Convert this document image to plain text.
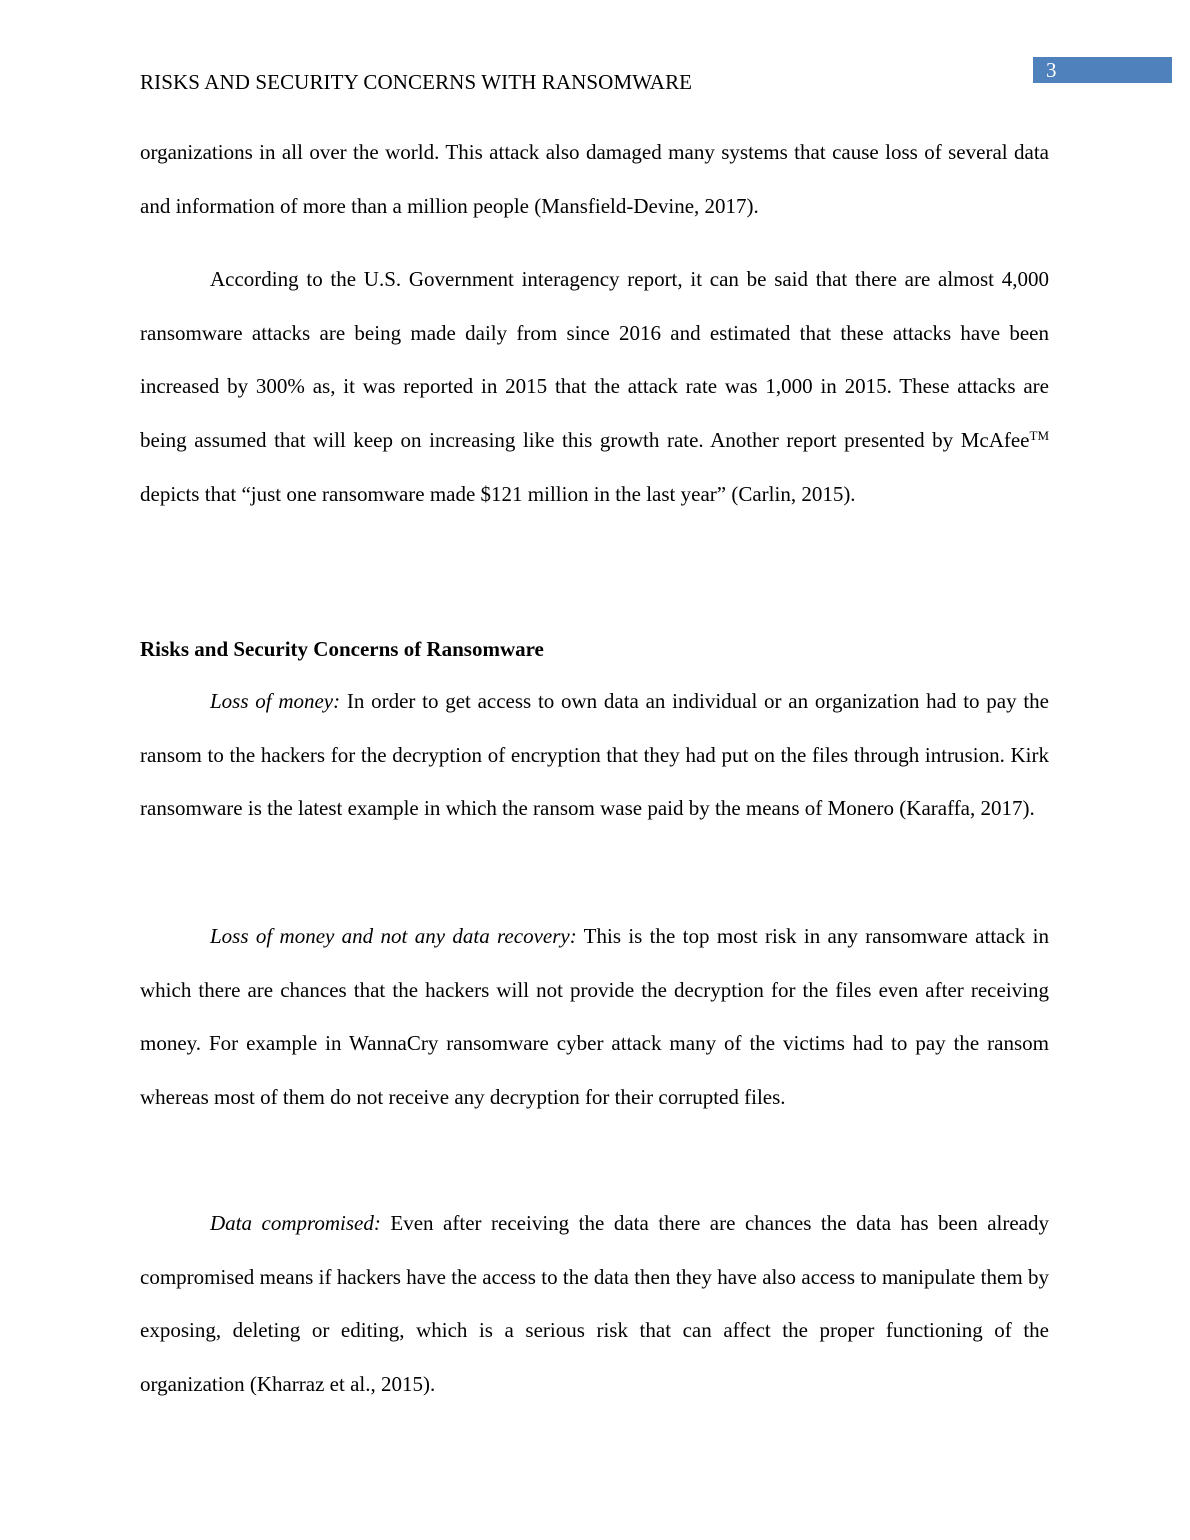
RISKS AND SECURITY CONCERNS WITH RANSOMWARE	3

organizations in all over the world. This attack also damaged many systems that cause loss of several data and information of more than a million people (Mansfield-Devine, 2017).

According to the U.S. Government interagency report, it can be said that there are almost 4,000 ransomware attacks are being made daily from since 2016 and estimated that these attacks have been increased by 300% as, it was reported in 2015 that the attack rate was 1,000 in 2015. These attacks are being assumed that will keep on increasing like this growth rate. Another report presented by McAfee™ depicts that “just one ransomware made $121 million in the last year” (Carlin, 2015).

Risks and Security Concerns of Ransomware

Loss of money: In order to get access to own data an individual or an organization had to pay the ransom to the hackers for the decryption of encryption that they had put on the files through intrusion. Kirk ransomware is the latest example in which the ransom wase paid by the means of Monero (Karaffa, 2017).

Loss of money and not any data recovery: This is the top most risk in any ransomware attack in which there are chances that the hackers will not provide the decryption for the files even after receiving money. For example in WannaCry ransomware cyber attack many of the victims had to pay the ransom whereas most of them do not receive any decryption for their corrupted files.

Data compromised: Even after receiving the data there are chances the data has been already compromised means if hackers have the access to the data then they have also access to manipulate them by exposing, deleting or editing, which is a serious risk that can affect the proper functioning of the organization (Kharraz et al., 2015).
